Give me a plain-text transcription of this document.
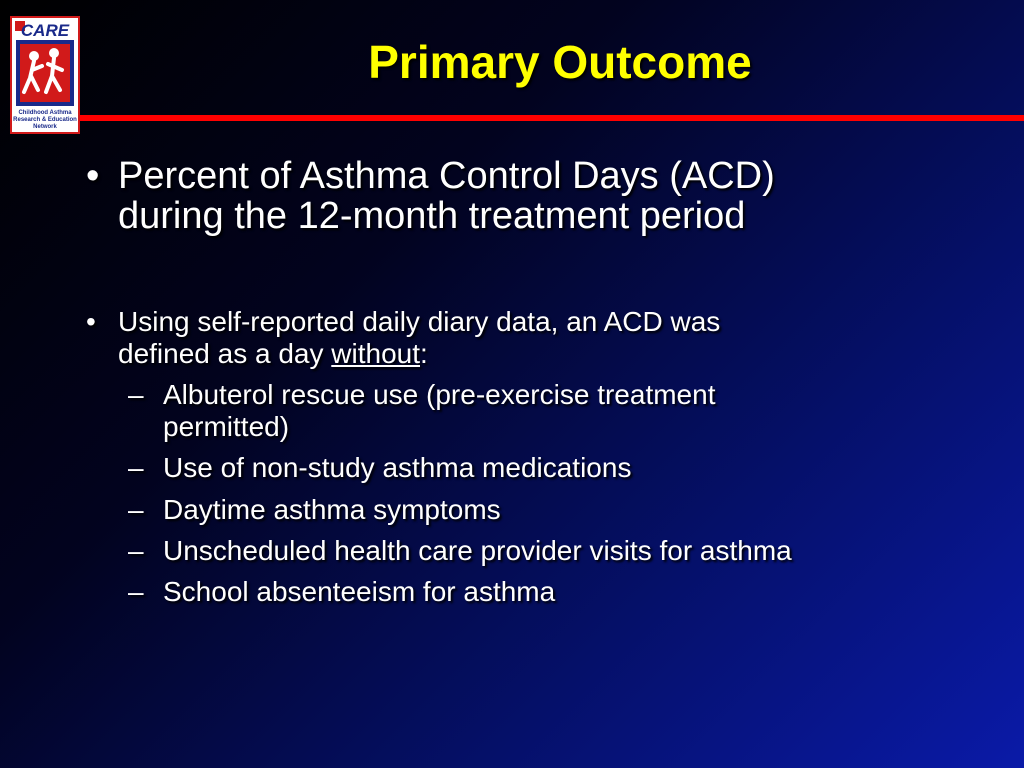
CARE
Childhood Asthma
Research & Education
Network
Primary Outcome
• Percent of Asthma Control Days (ACD)
during the 12-month treatment period
• Using self-reported daily diary data, an ACD was
defined as a day without:
– Albuterol rescue use (pre-exercise treatment
permitted)
– Use of non-study asthma medications
– Daytime asthma symptoms
– Unscheduled health care provider visits for asthma
– School absenteeism for asthma
